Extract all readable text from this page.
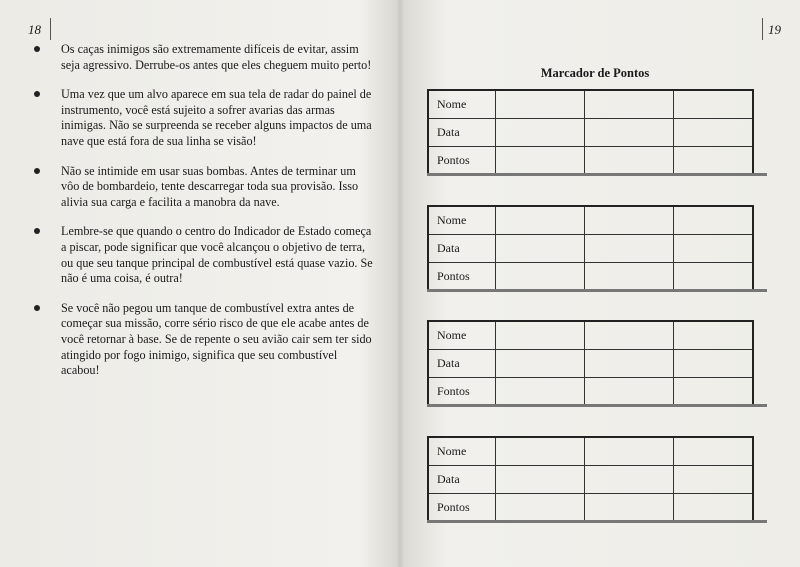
18
Os caças inimigos são extremamente difíceis de evitar, assim seja agressivo. Derrube-os antes que eles cheguem muito perto!
Uma vez que um alvo aparece em sua tela de radar do painel de instrumento, você está sujeito a sofrer avarias das armas inimigas. Não se surpreenda se receber alguns impactos de uma nave que está fora de sua linha se visão!
Não se intimide em usar suas bombas. Antes de terminar um vôo de bombardeio, tente descarregar toda sua provisão. Isso alivia sua carga e facilita a manobra da nave.
Lembre-se que quando o centro do Indicador de Estado começa a piscar, pode significar que você alcançou o objetivo de terra, ou que seu tanque principal de combustível está quase vazio. Se não é uma coisa, é outra!
Se você não pegou um tanque de combustível extra antes de começar sua missão, corre sério risco de que ele acabe antes de você retornar à base. Se de repente o seu avião cair sem ter sido atingido por fogo inimigo, significa que seu combustível acabou!
19
Marcador de Pontos
Nome			
Data			
Pontos			
Nome			
Data			
Pontos			
Nome			
Data			
Fontos			
Nome			
Data			
Pontos			
